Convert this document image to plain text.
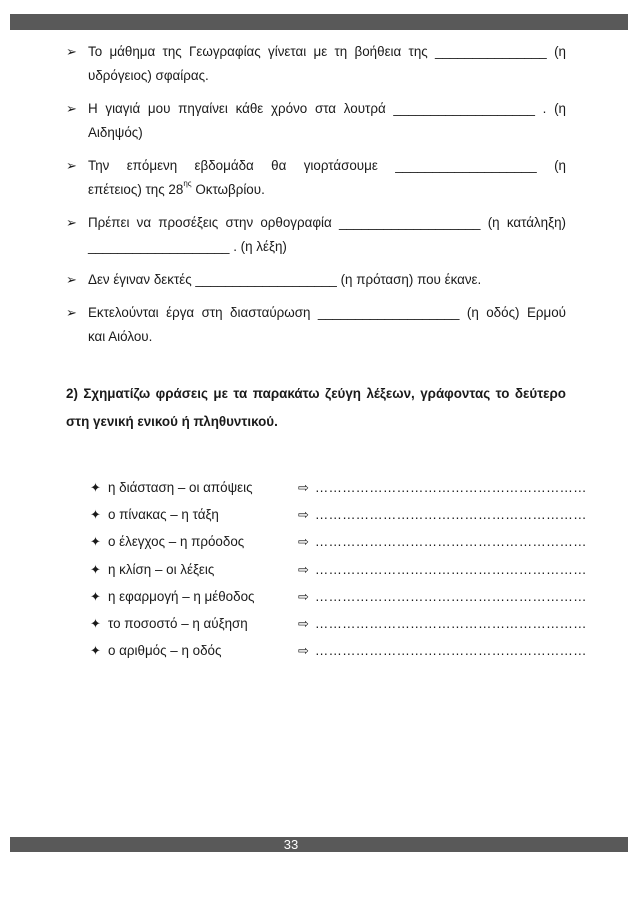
➢ Το μάθημα της Γεωγραφίας γίνεται με τη βοήθεια της _______________ (η
υδρόγειος) σφαίρας.
➢ Η γιαγιά μου πηγαίνει κάθε χρόνο στα λουτρά ___________________ . (η
Αιδηψός)
➢ Την επόμενη εβδομάδα θα γιορτάσουμε ___________________ (η
επέτειος) της $28^{\eta\varsigma}$ Οκτωβρίου.
➢ Πρέπει να προσέξεις στην ορθογραφία ___________________ (η κατάληξη)
___________________ . (η λέξη)
➢ Δεν έγιναν δεκτές ___________________ (η πρόταση) που έκανε.
➢ Εκτελούνται έργα στη διασταύρωση ___________________ (η οδός) Ερμού
και Αιόλου.
2) Σχηματίζω φράσεις με τα παρακάτω ζεύγη λέξεων, γράφοντας το δεύτερο
στη γενική ενικού ή πληθυντικού.
✦ η διάσταση – οι απόψεις	⇨ ……………………………………………………
✦ ο πίνακας – η τάξη	⇨ ……………………………………………………
✦ ο έλεγχος – η πρόοδος	⇨ ……………………………………………………
✦ η κλίση – οι λέξεις	⇨ ……………………………………………………
✦ η εφαρμογή – η μέθοδος	⇨ ……………………………………………………
✦ το ποσοστό – η αύξηση	⇨ ……………………………………………………
✦ ο αριθμός – η οδός	⇨ ……………………………………………………
33
